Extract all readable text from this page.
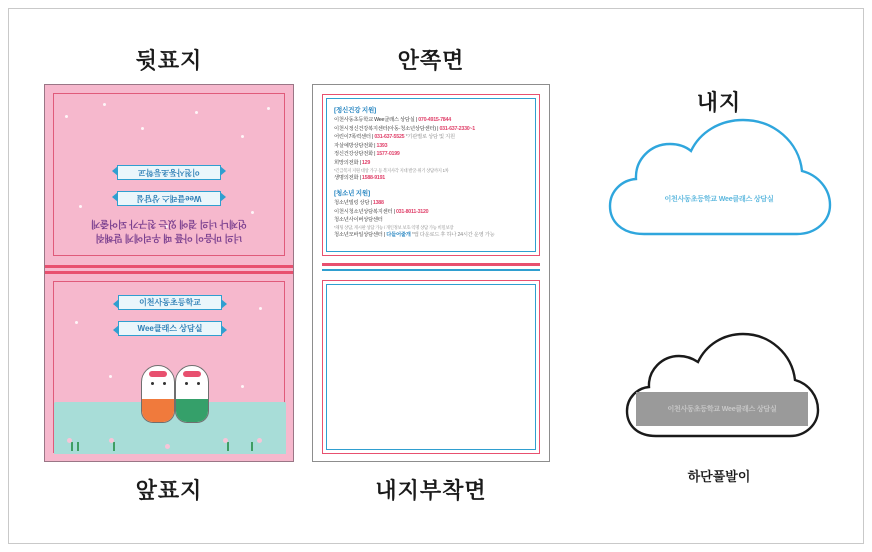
뒷표지	안쪽면
내지
앞표지	내지부착면
하단풀발이
너의 마음이 아플 때 우리에게 말해줘
언제나 너의 곁에 있는 친구가 되어줄게
Wee클래스 상담실
이천사동초등학교
이천사동초등학교
Wee클래스 상담실
[정신건강 지원]
이천사동초등학교 Wee클래스 상담실 | 070-4915-7844
이천시정신건강복지센터(아동·청소년상담센터) | 031-637-2330~1
어린이7폭력센터 | 031-637-5525 *기관별로 상담 및 지원
자살예방상담전화 | 1393
정신건강상담전화 | 1577-0199
희망의전화 | 129
*긴급복지 지원 대상 가구 등 복지사각 지대 발굴·위기 상담까지 1차
생명의전화 | 1588-9191
[청소년 지원]
청소년빌링 상담 | 1388
이천시청소년상담복지센터 | 031-8011-3120
청소년사이버상담센터
*채팅 상담, 게시판 상담 가능 / 개인정보 보호·익명 상담 가능 비밀보장
청소년모바일상담센터 | 다들어줄개 *앱 다운로드 후 하나 24시간 운영 가능
이천사동초등학교 Wee클래스 상담실
이천사동초등학교 Wee클래스 상담실
